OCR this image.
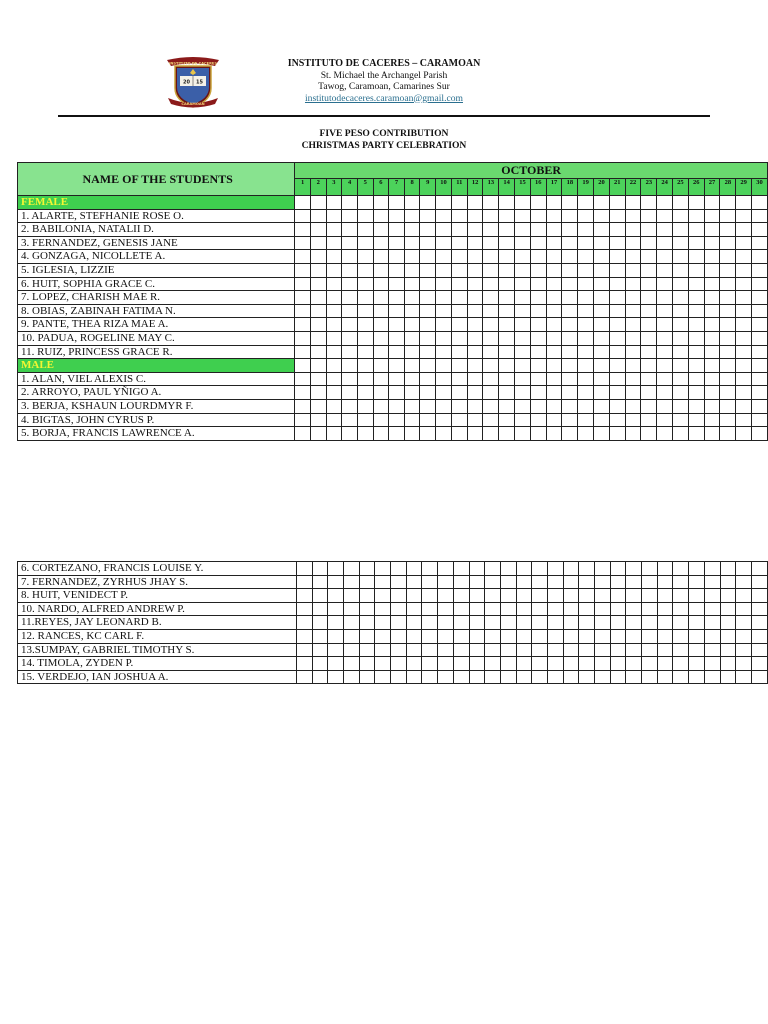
INSTITUTO DE CACERES
20 15
CARAMOAN
INSTITUTO DE CACERES – CARAMOAN
St. Michael the Archangel Parish
Tawog, Caramoan, Camarines Sur
institutodecaceres.caramoan@gmail.com
FIVE PESO CONTRIBUTION
CHRISTMAS PARTY CELEBRATION
NAME OF THE STUDENTS	OCTOBER																													
	1	2	3	4	5	6	7	8	9	10	11	12	13	14	15	16	17	18	19	20	21	22	23	24	25	26	27	28	29	30
FEMALE																														
1. ALARTE, STEFHANIE ROSE O.																														
2. BABILONIA, NATALII D.																														
3. FERNANDEZ, GENESIS JANE																														
4. GONZAGA, NICOLLETE A.																														
5. IGLESIA, LIZZIE																														
6. HUIT, SOPHIA GRACE C.																														
7. LOPEZ, CHARISH MAE R.																														
8. OBIAS, ZABINAH FATIMA N.																														
9. PANTE, THEA RIZA MAE A.																														
10. PADUA, ROGELINE MAY C.																														
11. RUIZ, PRINCESS GRACE R.																														
MALE																														
1. ALAN, VIEL ALEXIS C.																														
2. ARROYO, PAUL YÑIGO A.																														
3. BERJA, KSHAUN LOURDMYR F.																														
4. BIGTAS, JOHN CYRUS P.																														
5. BORJA, FRANCIS LAWRENCE A.																														
6. CORTEZANO, FRANCIS LOUISE Y.																														
7. FERNANDEZ, ZYRHUS JHAY S.																														
8. HUIT, VENIDECT P.																														
10. NARDO, ALFRED ANDREW P.																														
11.REYES, JAY LEONARD B.																														
12. RANCES, KC CARL F.																														
13.SUMPAY, GABRIEL TIMOTHY S.																														
14. TIMOLA, ZYDEN P.																														
15. VERDEJO, IAN JOSHUA A.																														
